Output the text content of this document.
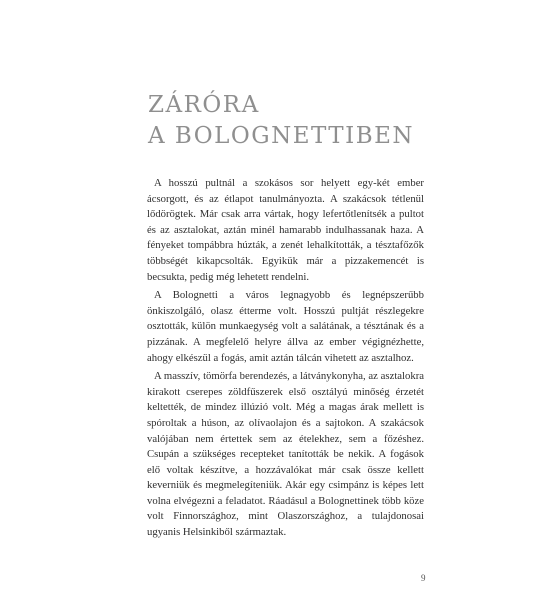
ZÁRÓRA
A BOLOGNETTIBEN

A hosszú pultnál a szokásos sor helyett egy-két ember ácsorgott, és az étlapot tanulmányozta. A szakácsok tétlenül lődörögtek. Már csak arra vártak, hogy lefertőtlenítsék a pultot és az asztalokat, aztán minél hamarabb indulhassanak haza. A fényeket tompábbra húzták, a zenét lehalkították, a tésztafőzők többségét kikapcsolták. Egyikük már a pizzakemencét is becsukta, pedig még lehetett rendelni.

A Bolognetti a város legnagyobb és legnépszerűbb önkiszolgáló, olasz étterme volt. Hosszú pultját részlegekre osztották, külön munkaegység volt a salátának, a tésztának és a pizzának. A megfelelő helyre állva az ember végignézhette, ahogy elkészül a fogás, amit aztán tálcán vihetett az asztalhoz.

A masszív, tömörfa berendezés, a látványkonyha, az asztalokra kirakott cserepes zöldfűszerek első osztályú minőség érzetét keltették, de mindez illúzió volt. Még a magas árak mellett is spóroltak a húson, az olívaolajon és a sajtokon. A szakácsok valójában nem értettek sem az ételekhez, sem a főzéshez. Csupán a szükséges recepteket tanították be nekik. A fogások elő voltak készítve, a hozzávalókat már csak össze kellett keverniük és megmelegíteniük. Akár egy csimpánz is képes lett volna elvégezni a feladatot. Ráadásul a Bolognettinek több köze volt Finnországhoz, mint Olaszországhoz, a tulajdonosai ugyanis Helsinkiből származtak.

9
